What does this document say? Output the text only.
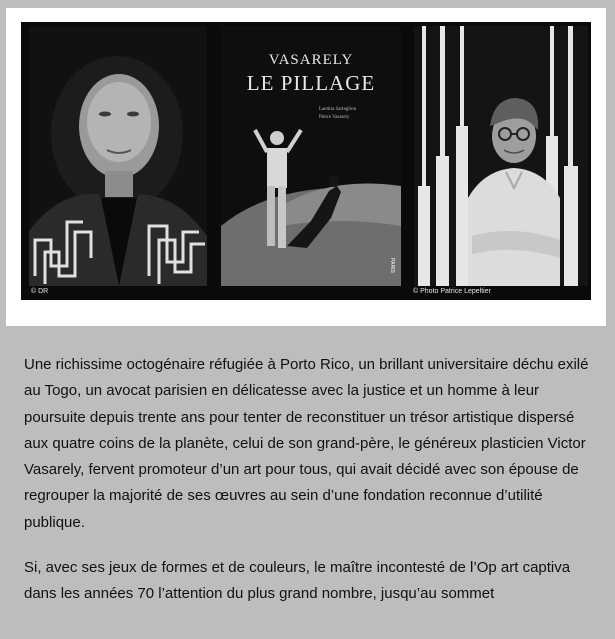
VASARELY
LE PILLAGE
Laetitia Sarteglion
Pierre Vasarely
PARIS
© DR	© Photo Patrice Lepeltier

Une richissime octogénaire réfugiée à Porto Rico, un brillant universitaire déchu exilé au Togo, un avocat parisien en délicatesse avec la justice et un homme à leur poursuite depuis trente ans pour tenter de reconstituer un trésor artistique dispersé aux quatre coins de la planète, celui de son grand-père, le généreux plasticien Victor Vasarely, fervent promoteur d’un art pour tous, qui avait décidé avec son épouse de regrouper la majorité de ses œuvres au sein d’une fondation reconnue d’utilité publique.

Si, avec ses jeux de formes et de couleurs, le maître incontesté de l’Op art captiva dans les années 70 l’attention du plus grand nombre, jusqu’au sommet
